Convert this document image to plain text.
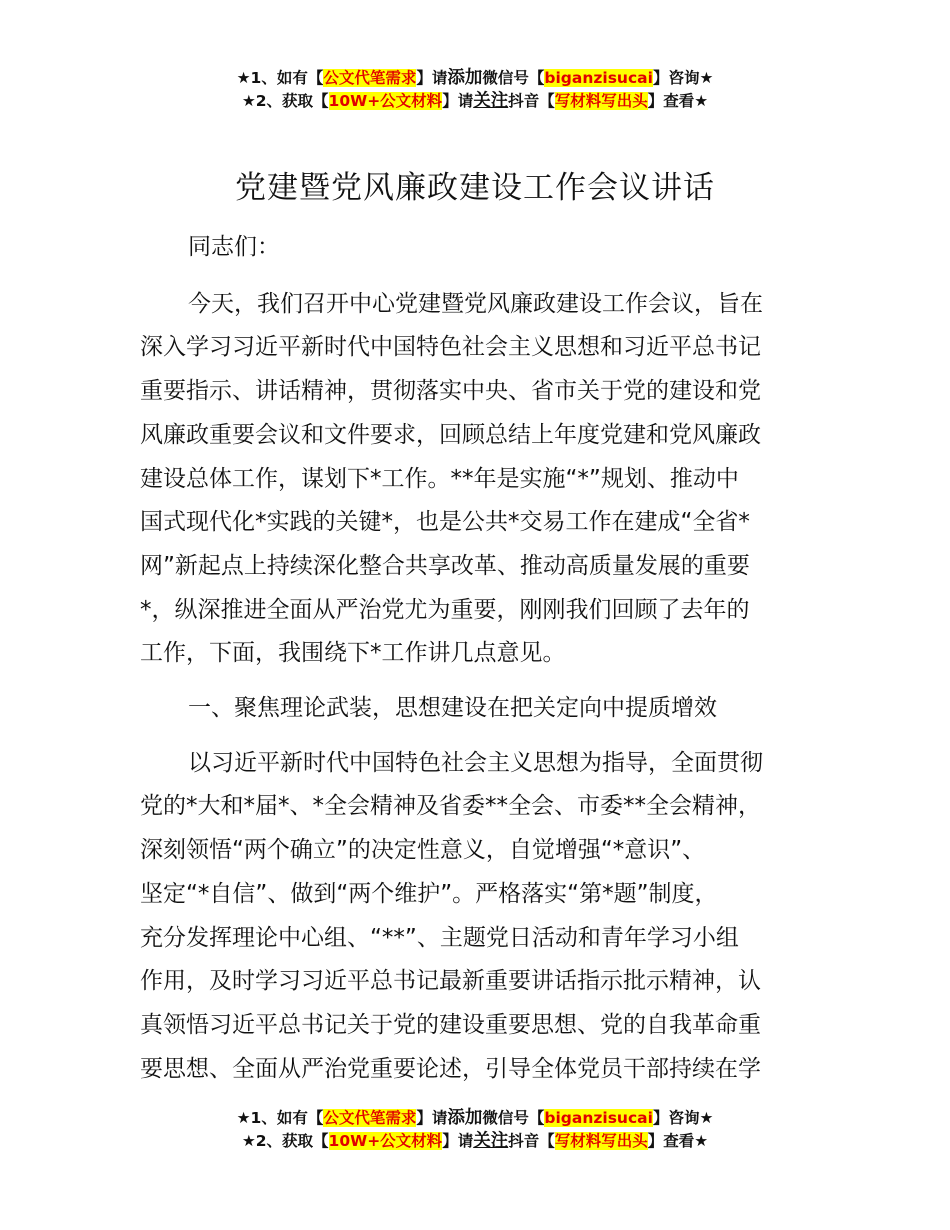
★1、如有【公文代笔需求】请添加微信号【biganzisucai】咨询★
★2、获取【10W+公文材料】请关注抖音【写材料写出头】查看★
党建暨党风廉政建设工作会议讲话

同志们：

今天，我们召开中心党建暨党风廉政建设工作会议，旨在
深入学习习近平新时代中国特色社会主义思想和习近平总书记
重要指示、讲话精神，贯彻落实中央、省市关于党的建设和党
风廉政重要会议和文件要求，回顾总结上年度党建和党风廉政
建设总体工作，谋划下*工作。**年是实施“*”规划、推动中
国式现代化*实践的关键*，也是公共*交易工作在建成“全省*
网”新起点上持续深化整合共享改革、推动高质量发展的重要
*，纵深推进全面从严治党尤为重要，刚刚我们回顾了去年的
工作，下面，我围绕下*工作讲几点意见。

一、聚焦理论武装，思想建设在把关定向中提质增效

以习近平新时代中国特色社会主义思想为指导，全面贯彻
党的*大和*届*、*全会精神及省委**全会、市委**全会精神，
深刻领悟“两个确立”的决定性意义，自觉增强“*意识”、
坚定“*自信”、做到“两个维护”。严格落实“第*题”制度，
充分发挥理论中心组、“**”、主题党日活动和青年学习小组
作用，及时学习习近平总书记最新重要讲话指示批示精神，认
真领悟习近平总书记关于党的建设重要思想、党的自我革命重
要思想、全面从严治党重要论述，引导全体党员干部持续在学

★1、如有【公文代笔需求】请添加微信号【biganzisucai】咨询★
★2、获取【10W+公文材料】请关注抖音【写材料写出头】查看★
